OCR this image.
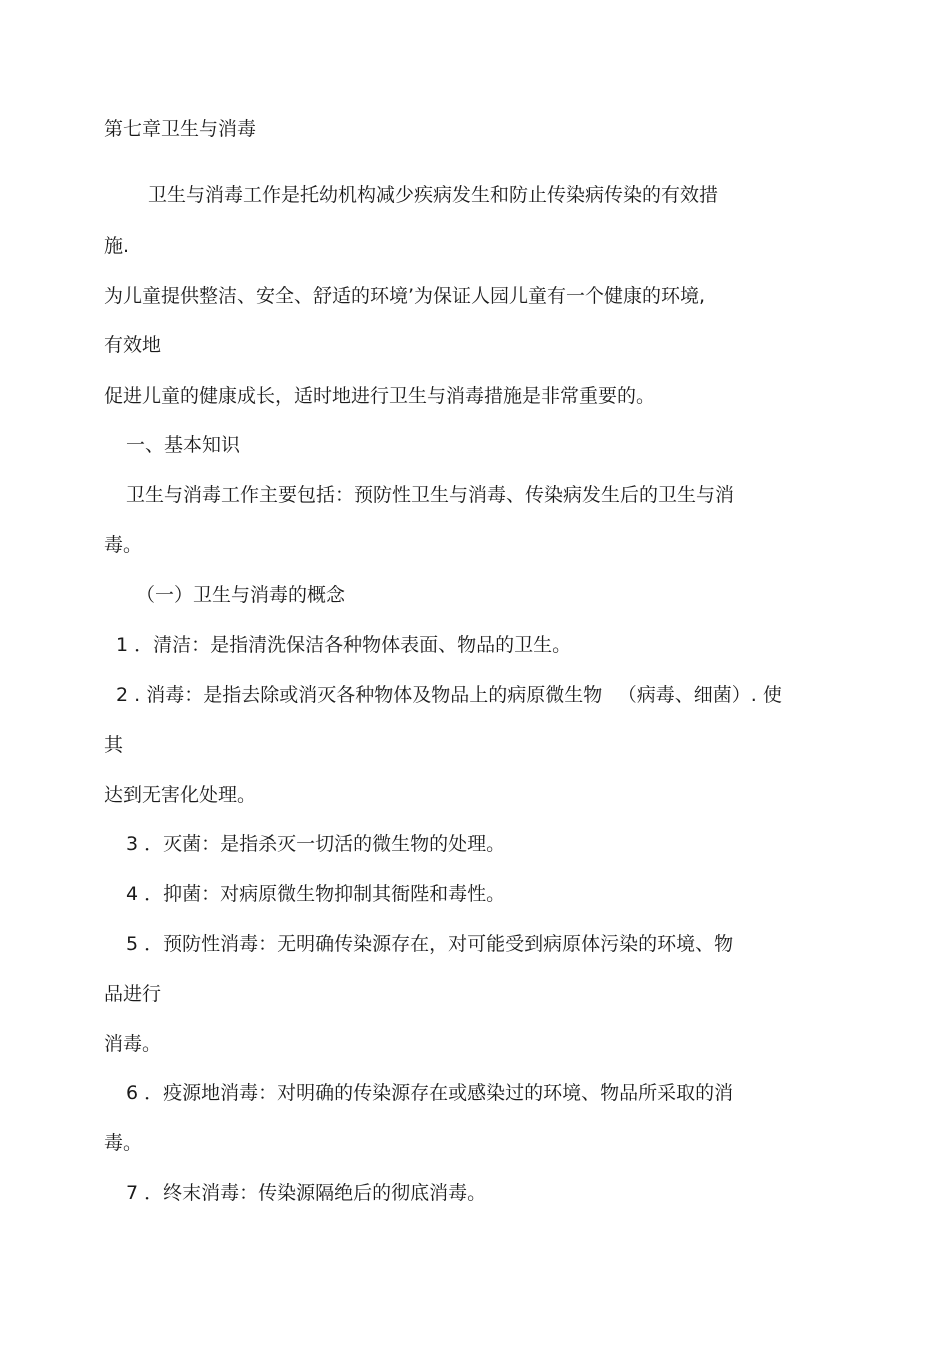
第七章卫生与消毒
卫生与消毒工作是托幼机构减少疾病发生和防止传染病传染的有效措
施.
为儿童提供整洁、安全、舒适的环境’为保证人园儿童有一个健康的环境,
有效地
促进儿童的健康成长，适时地进行卫生与消毒措施是非常重要的。
一、基本知识
卫生与消毒工作主要包括：预防性卫生与消毒、传染病发生后的卫生与消
毒。
（一）卫生与消毒的概念
1 ．清洁：是指清洗保洁各种物体表面、物品的卫生。
2 . 消毒：是指去除或消灭各种物体及物品上的病原微生物 　（病毒、细菌）. 使
其
达到无害化处理。
3 ．灭菌：是指杀灭一切活的微生物的处理。
4 ．抑菌：对病原微生物抑制其衙陛和毒性。
5 ．预防性消毒：无明确传染源存在，对可能受到病原体污染的环境、物
品进行
消毒。
6 ．疫源地消毒：对明确的传染源存在或感染过的环境、物品所采取的消
毒。
7 ．终末消毒：传染源隔绝后的彻底消毒。
